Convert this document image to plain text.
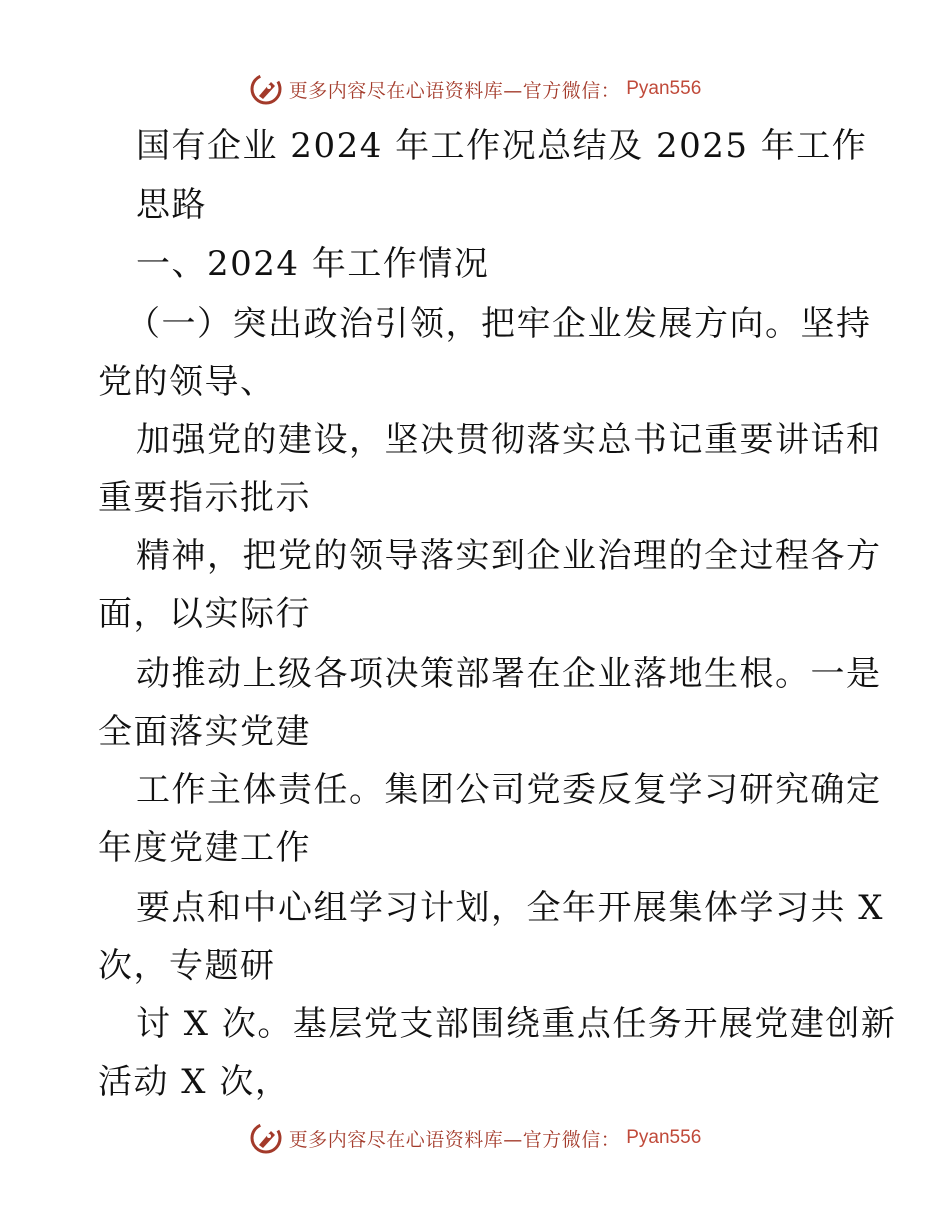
更多内容尽在心语资料库—官方微信： Pyan556
国有企业 2024 年工作况总结及 2025 年工作
思路
一、2024 年工作情况
（一）突出政治引领，把牢企业发展方向。坚持
党的领导、
加强党的建设，坚决贯彻落实总书记重要讲话和
重要指示批示
精神，把党的领导落实到企业治理的全过程各方
面，以实际行
动推动上级各项决策部署在企业落地生根。一是
全面落实党建
工作主体责任。集团公司党委反复学习研究确定
年度党建工作
要点和中心组学习计划，全年开展集体学习共 X
次，专题研
讨 X 次。基层党支部围绕重点任务开展党建创新
活动 X 次，
更多内容尽在心语资料库—官方微信： Pyan556
